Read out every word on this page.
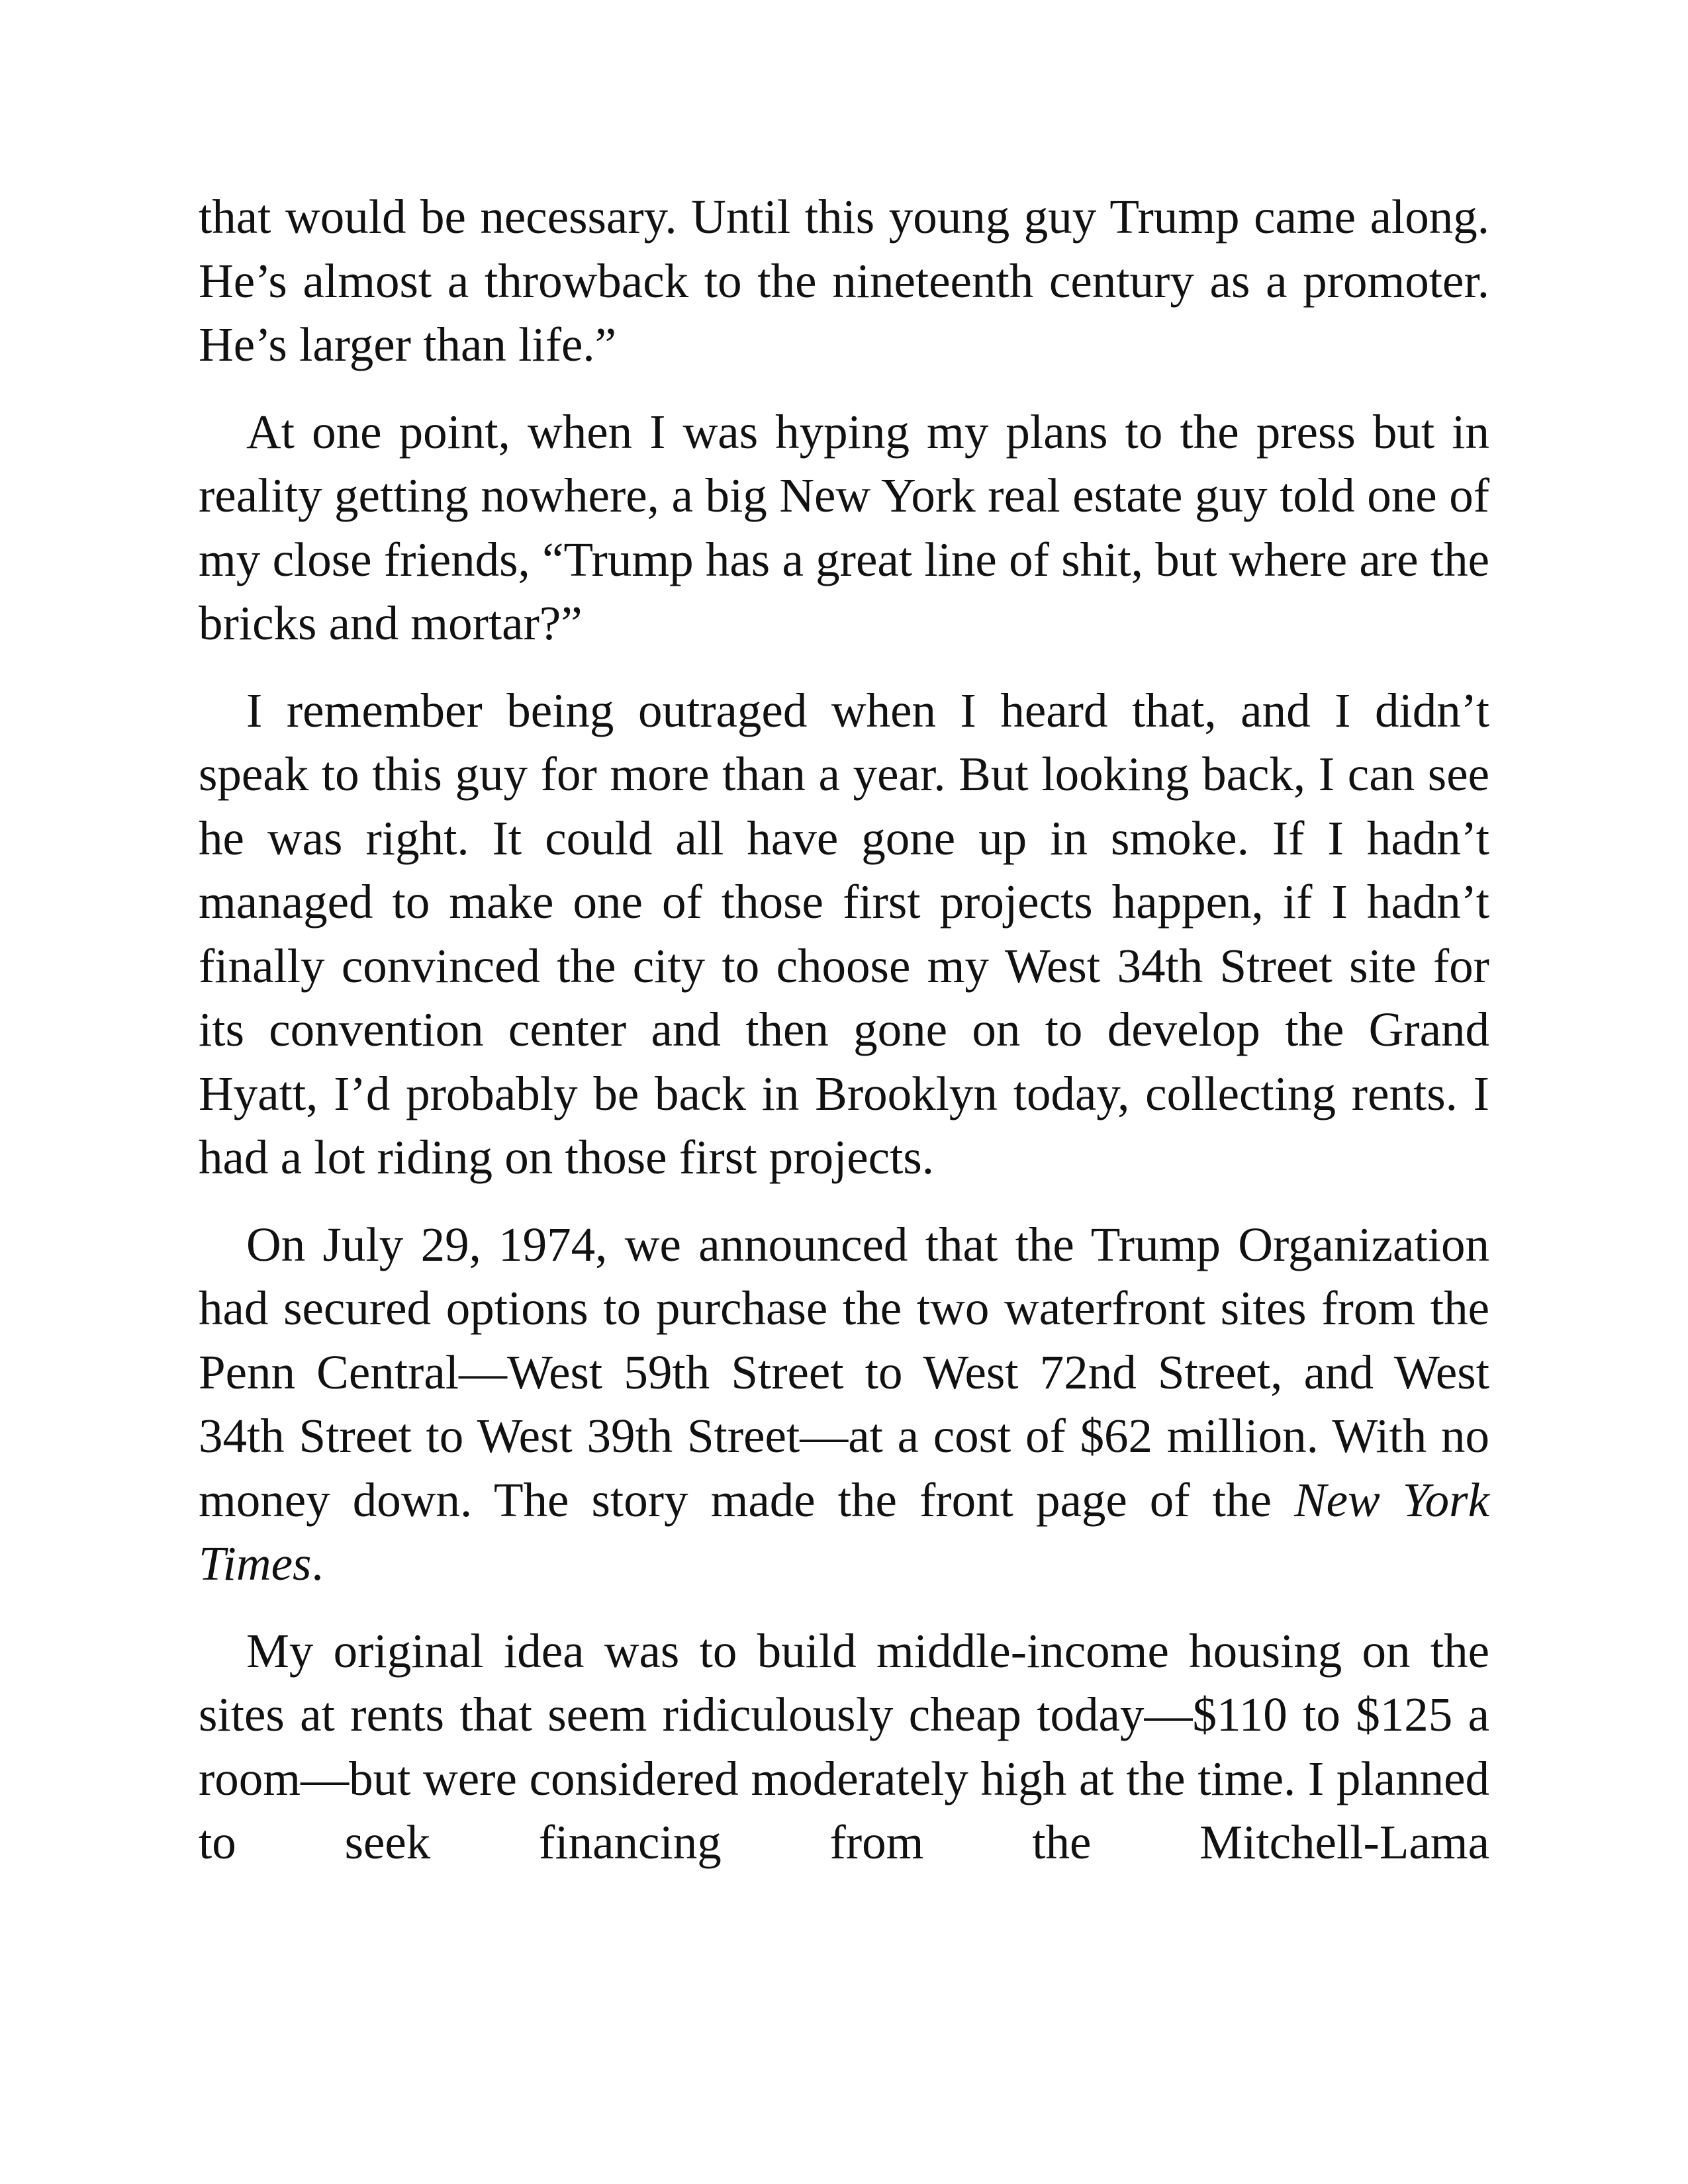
that would be necessary. Until this young guy Trump came along. He’s almost a throwback to the nineteenth century as a promoter. He’s larger than life.”

At one point, when I was hyping my plans to the press but in reality getting nowhere, a big New York real estate guy told one of my close friends, “Trump has a great line of shit, but where are the bricks and mortar?”

I remember being outraged when I heard that, and I didn’t speak to this guy for more than a year. But looking back, I can see he was right. It could all have gone up in smoke. If I hadn’t managed to make one of those first projects happen, if I hadn’t finally convinced the city to choose my West 34th Street site for its convention center and then gone on to develop the Grand Hyatt, I’d probably be back in Brooklyn today, collecting rents. I had a lot riding on those first projects.

On July 29, 1974, we announced that the Trump Organization had secured options to purchase the two waterfront sites from the Penn Central—West 59th Street to West 72nd Street, and West 34th Street to West 39th Street—at a cost of $62 million. With no money down. The story made the front page of the New York Times.

My original idea was to build middle-income housing on the sites at rents that seem ridiculously cheap today—$110 to $125 a room—but were considered moderately high at the time. I planned to seek financing from the Mitchell-Lama
